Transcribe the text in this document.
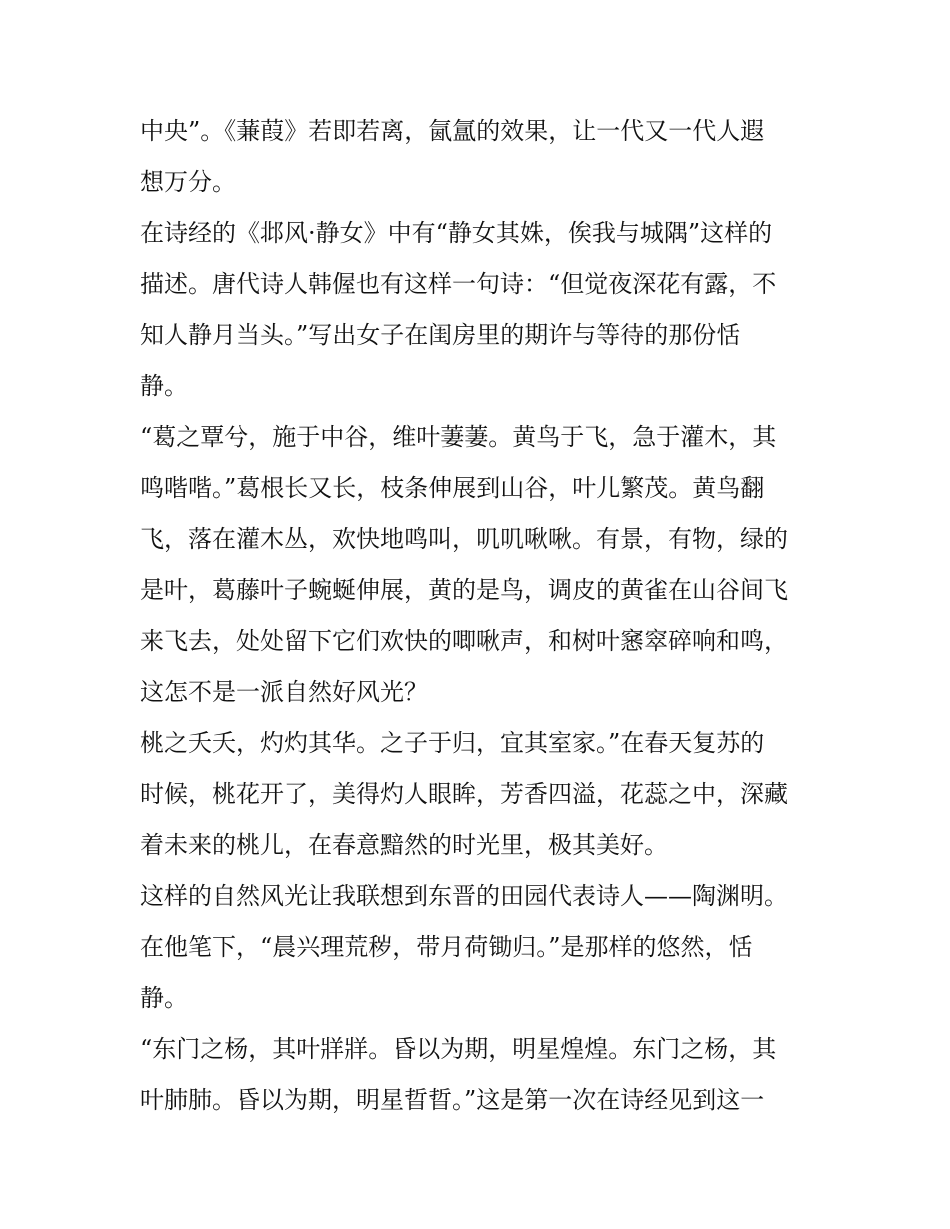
中央”。《蒹葭》若即若离，氤氲的效果，让一代又一代人遐
想万分。
在诗经的《邶风·静女》中有“静女其姝，俟我与城隅”这样的
描述。唐代诗人韩偓也有这样一句诗：“但觉夜深花有露，不
知人静月当头。”写出女子在闺房里的期许与等待的那份恬
静。
“葛之覃兮，施于中谷，维叶萋萋。黄鸟于飞，急于灌木，其
鸣喈喈。”葛根长又长，枝条伸展到山谷，叶儿繁茂。黄鸟翻
飞，落在灌木丛，欢快地鸣叫，叽叽啾啾。有景，有物，绿的
是叶，葛藤叶子蜿蜒伸展，黄的是鸟，调皮的黄雀在山谷间飞
来飞去，处处留下它们欢快的唧啾声，和树叶窸窣碎响和鸣，
这怎不是一派自然好风光？
桃之夭夭，灼灼其华。之子于归，宜其室家。”在春天复苏的
时候，桃花开了，美得灼人眼眸，芳香四溢，花蕊之中，深藏
着未来的桃儿，在春意黯然的时光里，极其美好。
这样的自然风光让我联想到东晋的田园代表诗人——陶渊明。
在他笔下，“晨兴理荒秽，带月荷锄归。”是那样的悠然，恬
静。
“东门之杨，其叶牂牂。昏以为期，明星煌煌。东门之杨，其
叶肺肺。昏以为期，明星晢晢。”这是第一次在诗经见到这一
